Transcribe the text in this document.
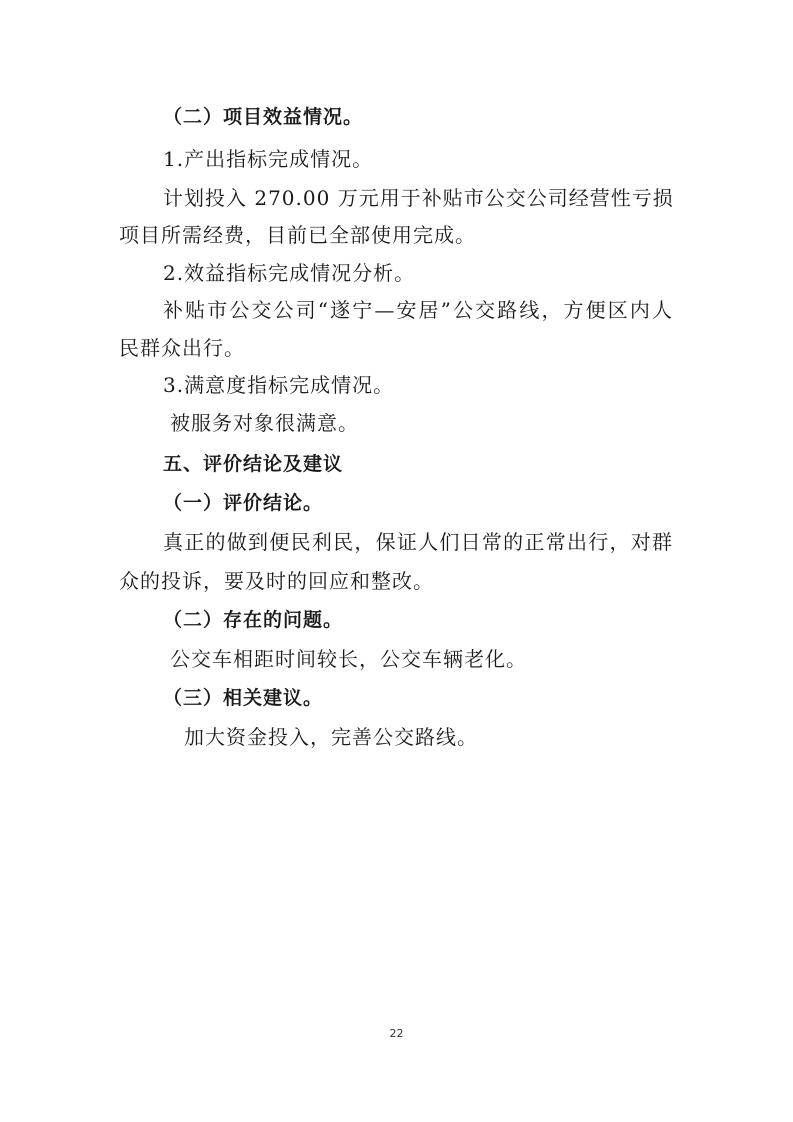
（二）项目效益情况。
1.产出指标完成情况。
计划投入 270.00 万元用于补贴市公交公司经营性亏损
项目所需经费，目前已全部使用完成。
2.效益指标完成情况分析。
补贴市公交公司“遂宁—安居”公交路线，方便区内人
民群众出行。
3.满意度指标完成情况。
被服务对象很满意。
五、评价结论及建议
（一）评价结论。
真正的做到便民利民，保证人们日常的正常出行，对群
众的投诉，要及时的回应和整改。
（二）存在的问题。
公交车相距时间较长，公交车辆老化。
（三）相关建议。
加大资金投入，完善公交路线。
22
